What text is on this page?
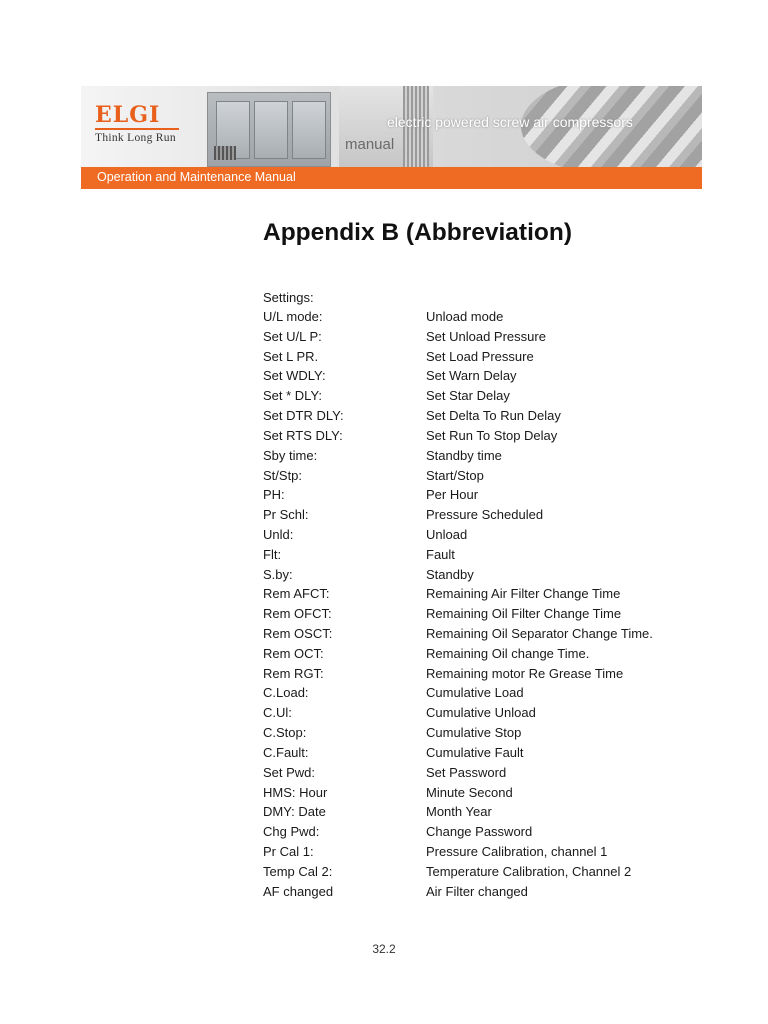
ELGI
Think Long Run	manual
electric powered screw air compressors
Operation and Maintenance Manual
Appendix B (Abbreviation)
Settings:
U/L mode:	Unload mode
Set U/L P:	Set Unload Pressure
Set L PR.	Set Load Pressure
Set WDLY:	Set Warn Delay
Set * DLY:	Set Star Delay
Set DTR DLY:	Set Delta To Run Delay
Set RTS DLY:	Set Run To Stop Delay
Sby time:	Standby time
St/Stp:	Start/Stop
PH:	Per Hour
Pr Schl:	Pressure Scheduled
Unld:	Unload
Flt:	Fault
S.by:	Standby
Rem AFCT:	Remaining Air Filter Change Time
Rem OFCT:	Remaining Oil Filter Change Time
Rem OSCT:	Remaining Oil Separator Change Time.
Rem OCT:	Remaining Oil change Time.
Rem RGT:	Remaining motor Re Grease Time
C.Load:	Cumulative Load
C.Ul:	Cumulative Unload
C.Stop:	Cumulative Stop
C.Fault:	Cumulative Fault
Set Pwd:	Set Password
HMS: Hour	Minute Second
DMY: Date	Month Year
Chg Pwd:	Change Password
Pr Cal 1:	Pressure Calibration, channel 1
Temp Cal 2:	Temperature Calibration, Channel 2
AF changed	Air Filter changed
32.2
